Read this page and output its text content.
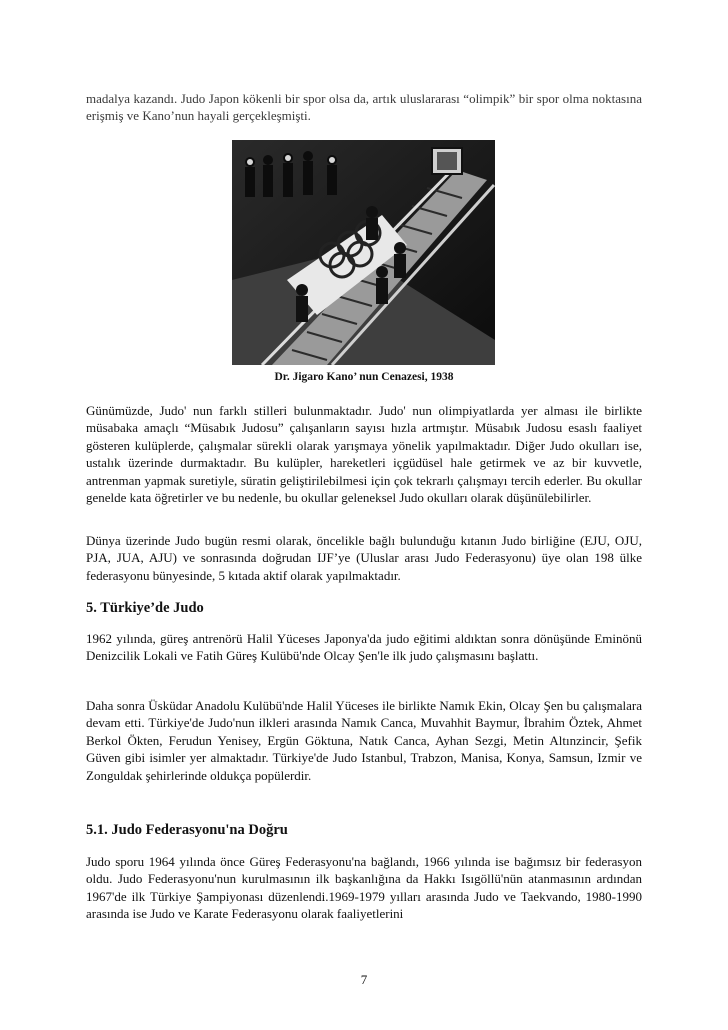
madalya kazandı. Judo Japon kökenli bir spor olsa da, artık uluslararası “olimpik” bir spor olma noktasına erişmiş ve Kano’nun hayali gerçekleşmişti.

Dr. Jigaro Kano’ nun Cenazesi, 1938

Günümüzde, Judo' nun farklı stilleri bulunmaktadır. Judo' nun olimpiyatlarda yer alması ile birlikte müsabaka amaçlı “Müsabık Judosu” çalışanların sayısı hızla artmıştır. Müsabık Judosu esaslı faaliyet gösteren kulüplerde, çalışmalar sürekli olarak yarışmaya yönelik yapılmaktadır. Diğer Judo okulları ise, ustalık üzerinde durmaktadır. Bu kulüpler, hareketleri içgüdüsel hale getirmek ve az bir kuvvetle, antrenman yapmak suretiyle, süratin geliştirilebilmesi için çok tekrarlı çalışmayı tercih ederler. Bu okullar genelde kata öğretirler ve bu nedenle, bu okullar geleneksel Judo okulları olarak düşünülebilirler.

Dünya üzerinde Judo bugün resmi olarak, öncelikle bağlı bulunduğu kıtanın Judo birliğine (EJU, OJU, PJA, JUA, AJU) ve sonrasında doğrudan IJF’ye (Uluslar arası Judo Federasyonu) üye olan 198 ülke federasyonu bünyesinde, 5 kıtada aktif olarak yapılmaktadır.

5. Türkiye’de Judo

1962 yılında, güreş antrenörü Halil Yüceses Japonya'da judo eğitimi aldıktan sonra dönüşünde Eminönü Denizcilik Lokali ve Fatih Güreş Kulübü'nde Olcay Şen'le ilk judo çalışmasını başlattı.

Daha sonra Üsküdar Anadolu Kulübü'nde Halil Yüceses ile birlikte Namık Ekin, Olcay Şen bu çalışmalara devam etti. Türkiye'de Judo'nun ilkleri arasında Namık Canca, Muvahhit Baymur, İbrahim Öztek, Ahmet Berkol Ökten, Ferudun Yenisey, Ergün Göktuna, Natık Canca, Ayhan Sezgi, Metin Altınzincir, Şefik Güven gibi isimler yer almaktadır. Türkiye'de Judo Istanbul, Trabzon, Manisa, Konya, Samsun, Izmir ve Zonguldak şehirlerinde oldukça popülerdir.

5.1. Judo Federasyonu'na Doğru

Judo sporu 1964 yılında önce Güreş Federasyonu'na bağlandı, 1966 yılında ise bağımsız bir federasyon oldu. Judo Federasyonu'nun kurulmasının ilk başkanlığına da Hakkı Isıgöllü'nün atanmasının ardından 1967'de ilk Türkiye Şampiyonası düzenlendi.1969-1979 yılları arasında Judo ve Taekvando, 1980-1990 arasında ise Judo ve Karate Federasyonu olarak faaliyetlerini

7
